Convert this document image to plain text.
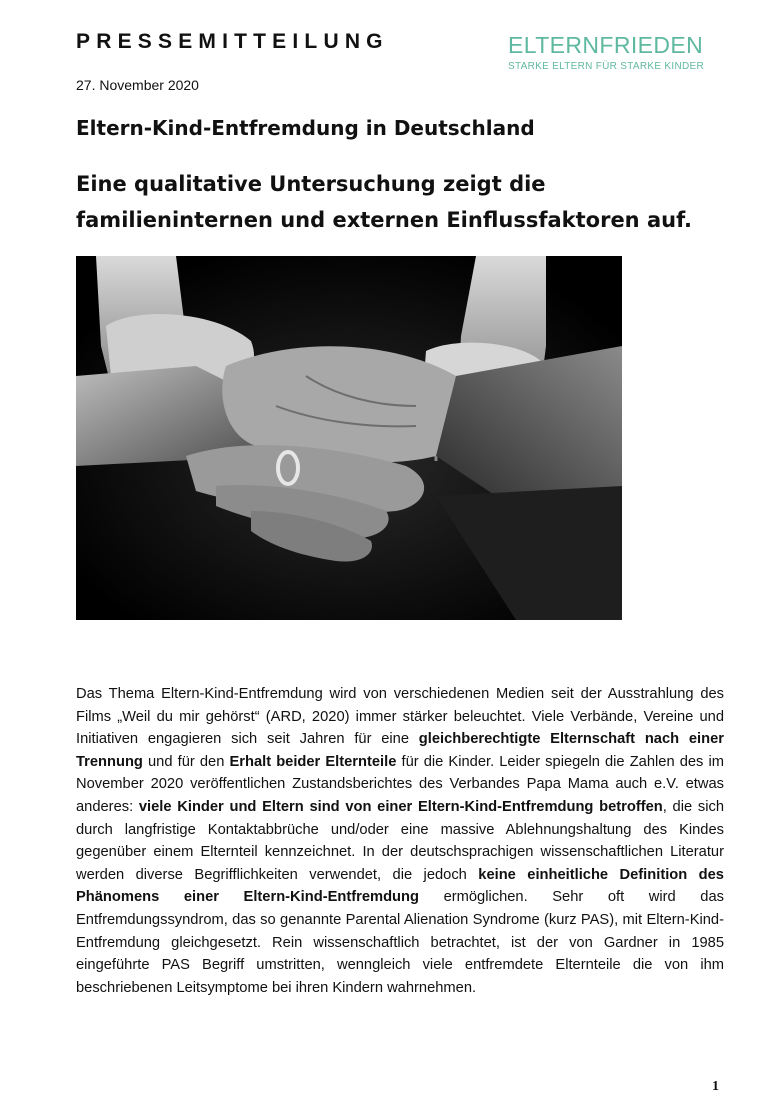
PRESSEMITTEILUNG	ELTERNFRIEDEN
STARKE ELTERN FÜR STARKE KINDER
27. November 2020
Eltern-Kind-Entfremdung in Deutschland
Eine qualitative Untersuchung zeigt die familieninternen und externen Einflussfaktoren auf.

Das Thema Eltern-Kind-Entfremdung wird von verschiedenen Medien seit der Ausstrahlung des Films „Weil du mir gehörst“ (ARD, 2020) immer stärker beleuchtet. Viele Verbände, Vereine und Initiativen engagieren sich seit Jahren für eine gleichberechtigte Elternschaft nach einer Trennung und für den Erhalt beider Elternteile für die Kinder. Leider spiegeln die Zahlen des im November 2020 veröffentlichen Zustandsberichtes des Verbandes Papa Mama auch e.V. etwas anderes: viele Kinder und Eltern sind von einer Eltern-Kind-Entfremdung betroffen, die sich durch langfristige Kontaktabbrüche und/oder eine massive Ablehnungshaltung des Kindes gegenüber einem Elternteil kennzeichnet. In der deutschsprachigen wissenschaftlichen Literatur werden diverse Begrifflichkeiten verwendet, die jedoch keine einheitliche Definition des Phänomens einer Eltern-Kind-Entfremdung ermöglichen. Sehr oft wird das Entfremdungssyndrom, das so genannte Parental Alienation Syndrome (kurz PAS), mit Eltern-Kind-Entfremdung gleichgesetzt. Rein wissenschaftlich betrachtet, ist der von Gardner in 1985 eingeführte PAS Begriff umstritten, wenngleich viele entfremdete Elternteile die von ihm beschriebenen Leitsymptome bei ihren Kindern wahrnehmen.

1
